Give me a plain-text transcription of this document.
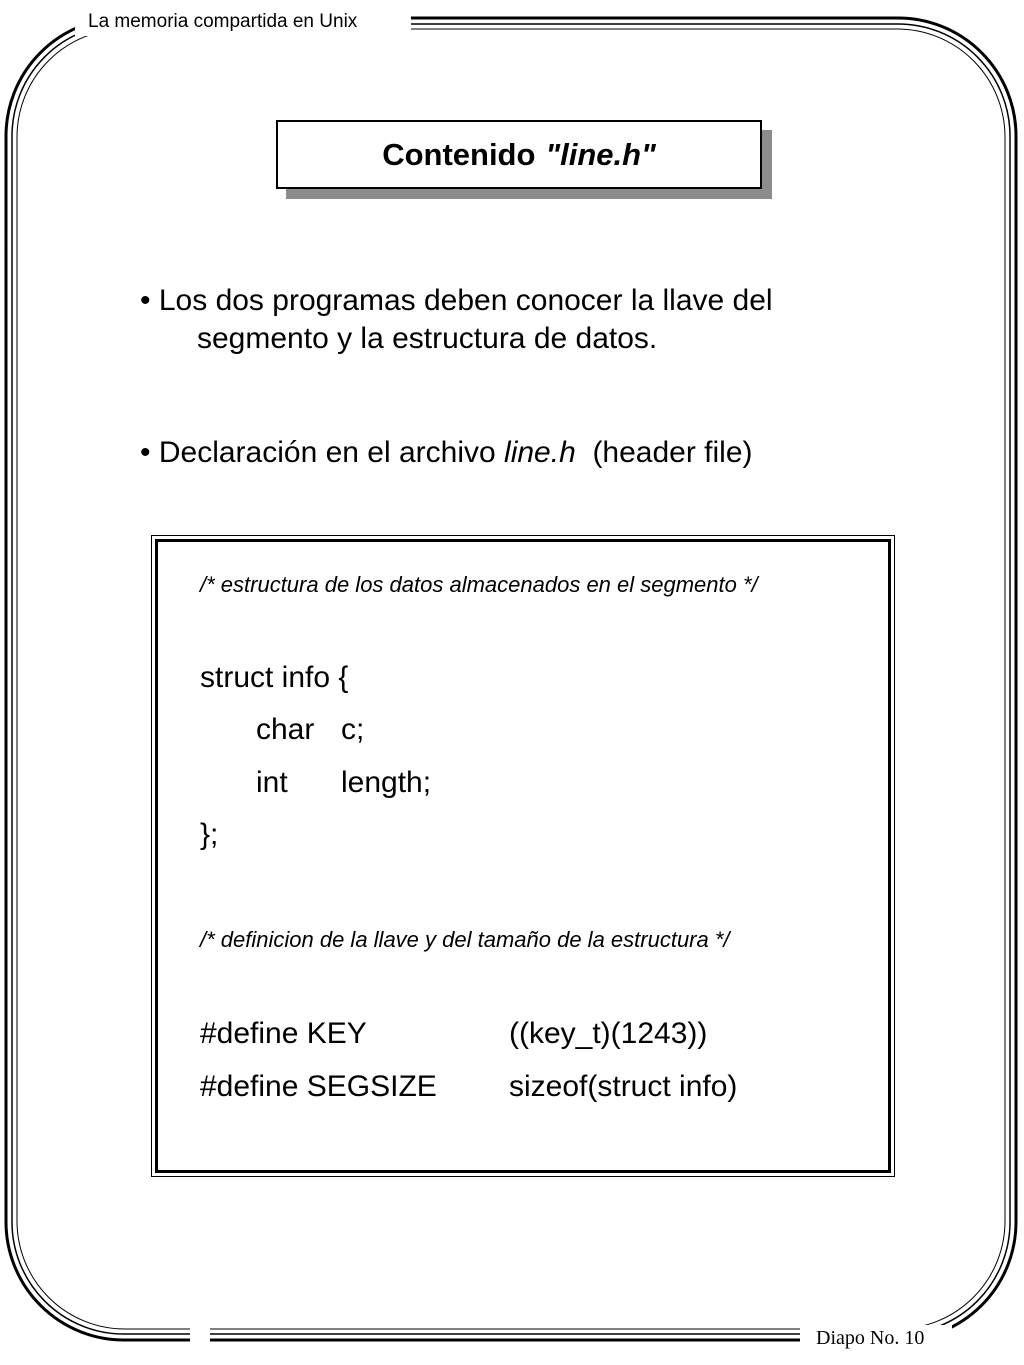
La memoria compartida en Unix
Diapo No. 10
Contenido "line.h"
• Los dos programas deben conocer la llave del
segmento y la estructura de datos.
• Declaración en el archivo line.h (header file)
/* estructura de los datos almacenados en el segmento */
struct info {
char c;
int length;
};
/* definicion de la llave y del tamaño de la estructura */
#define KEY	((key_t)(1243))
#define SEGSIZE sizeof(struct info)
